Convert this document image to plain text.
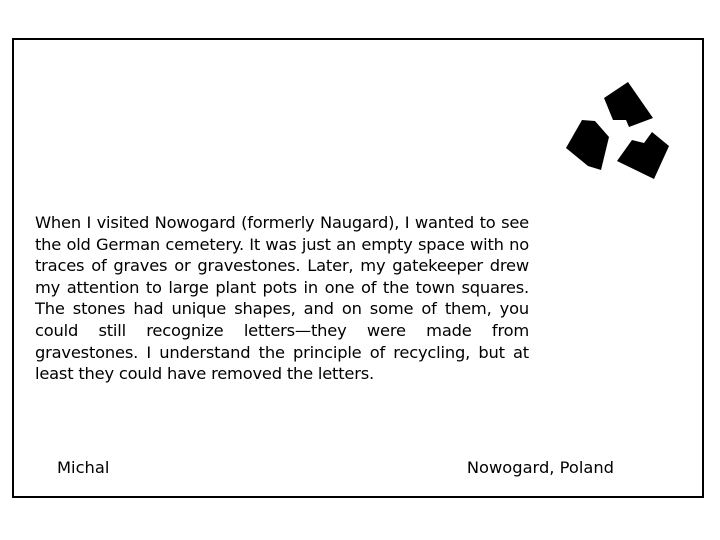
When I visited Nowogard (formerly Naugard), I wanted to see the old German cemetery. It was just an empty space with no traces of graves or gravestones. Later, my gatekeeper drew my attention to large plant pots in one of the town squares. The stones had unique shapes, and on some of them, you could still recognize letters—they were made from gravestones. I understand the principle of recycling, but at least they could have removed the letters.

Michal	Nowogard, Poland
